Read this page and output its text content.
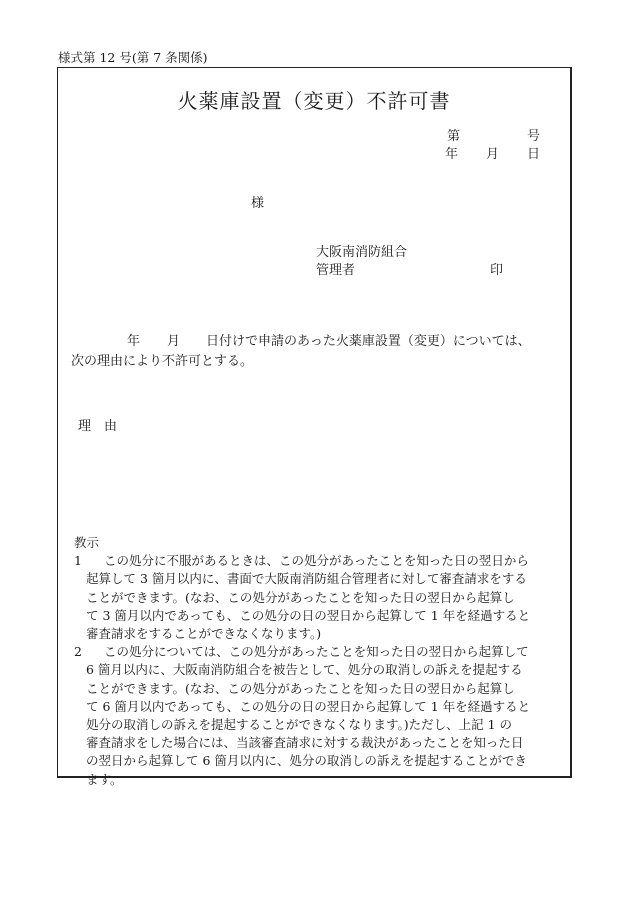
様式第 12 号(第 7 条関係)
火薬庫設置（変更）不許可書
第	号
年 月 日
様
大阪南消防組合
管理者	印
年 月 日付けで申請のあった火薬庫設置（変更）については、
次の理由により不許可とする。
理　由
教示
1 この処分に不服があるときは、この処分があったことを知った日の翌日から
起算して 3 箇月以内に、書面で大阪南消防組合管理者に対して審査請求をする
ことができます。(なお、この処分があったことを知った日の翌日から起算し
て 3 箇月以内であっても、この処分の日の翌日から起算して 1 年を経過すると
審査請求をすることができなくなります。)
2 この処分については、この処分があったことを知った日の翌日から起算して
6 箇月以内に、大阪南消防組合を被告として、処分の取消しの訴えを提起する
ことができます。(なお、この処分があったことを知った日の翌日から起算し
て 6 箇月以内であっても、この処分の日の翌日から起算して 1 年を経過すると
処分の取消しの訴えを提起することができなくなります。)ただし、上記 1 の
審査請求をした場合には、当該審査請求に対する裁決があったことを知った日
の翌日から起算して 6 箇月以内に、処分の取消しの訴えを提起することができ
ます。
